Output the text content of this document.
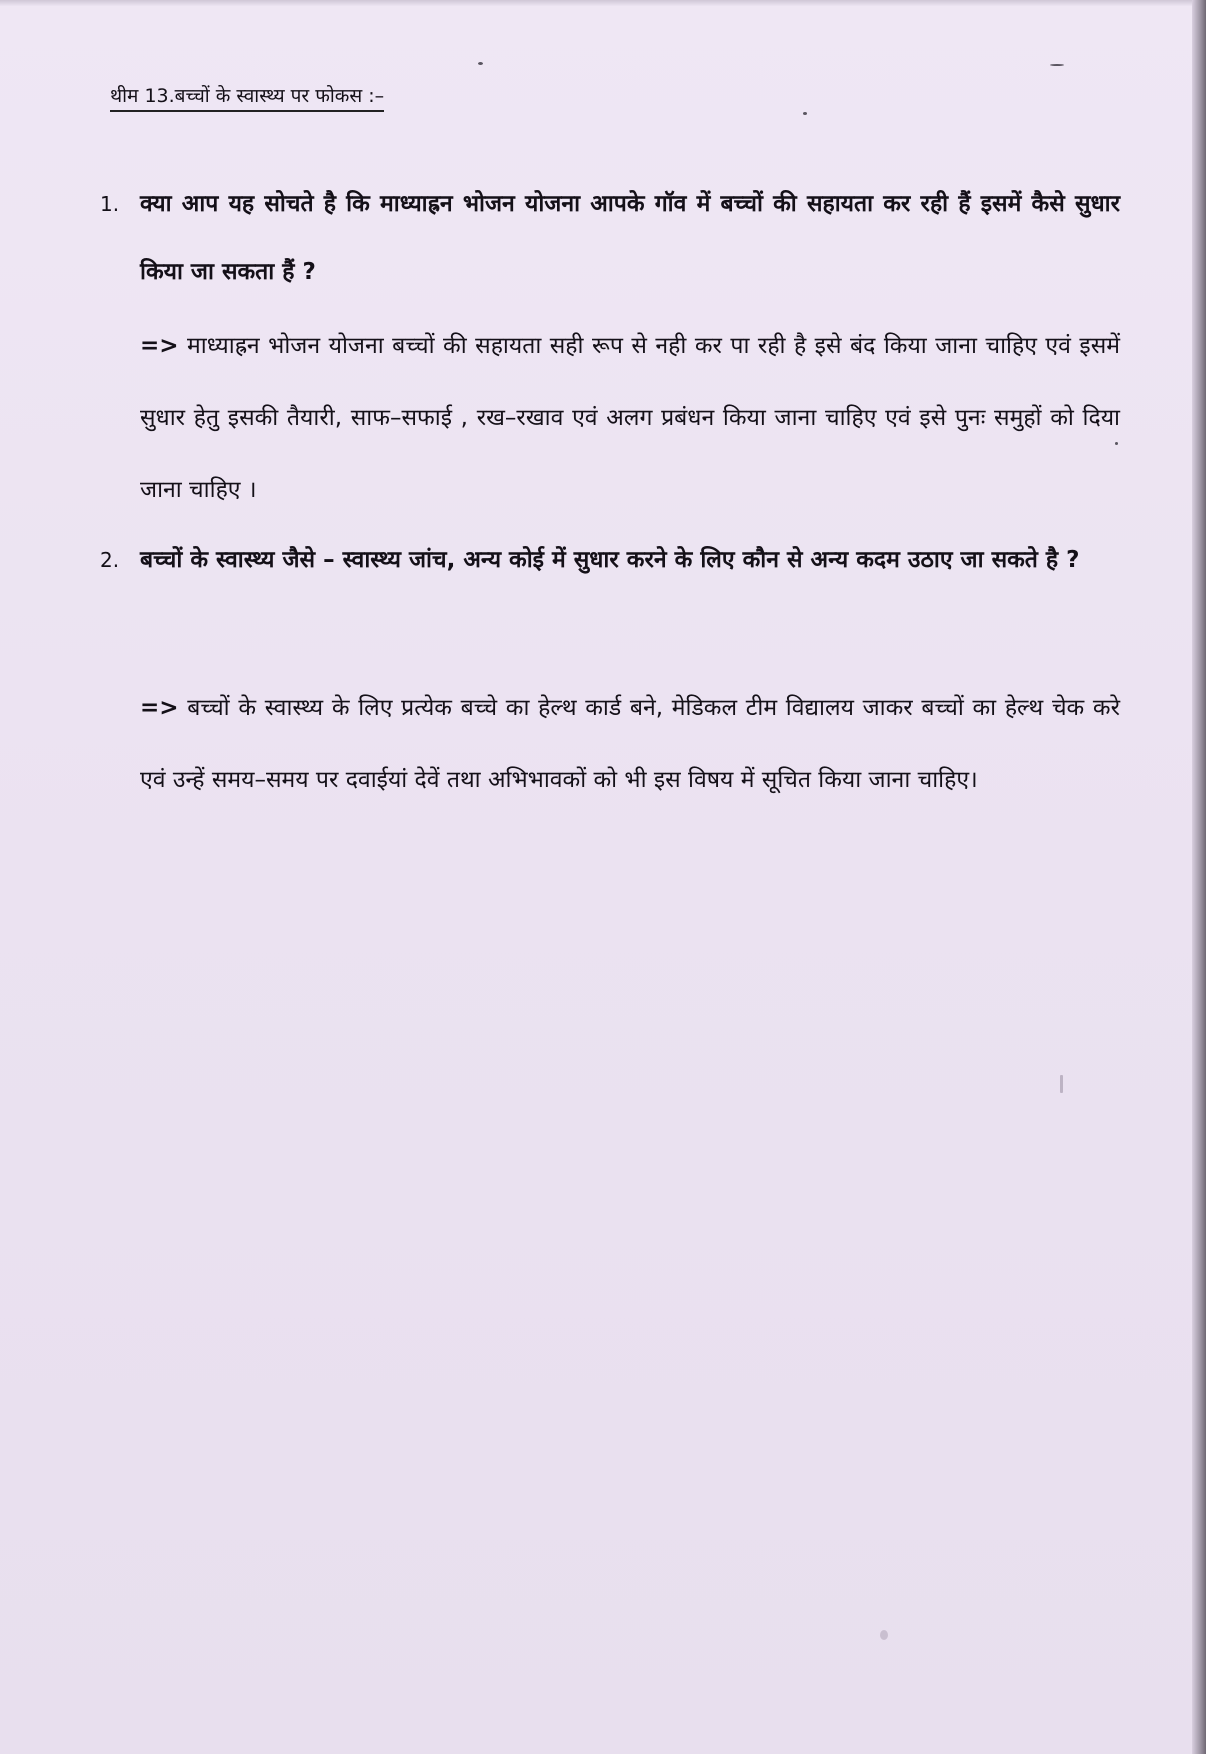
थीम 13.बच्चों के स्वास्थ्य पर फोकस :–
1. क्या आप यह सोचते है कि माध्याह्रन भोजन योजना आपके गॉव में बच्चों की सहायता कर रही हैं इसमें कैसे सुधार किया जा सकता हैं ?
=> माध्याह्रन भोजन योजना बच्चों की सहायता सही रूप से नही कर पा रही है इसे बंद किया जाना चाहिए एवं इसमें सुधार हेतु इसकी तैयारी, साफ–सफाई , रख–रखाव एवं अलग प्रबंधन किया जाना चाहिए एवं इसे पुनः समुहों को दिया जाना चाहिए ।
2. बच्चों के स्वास्थ्य जैसे – स्वास्थ्य जांच, अन्य कोई में सुधार करने के लिए कौन से अन्य कदम उठाए जा सकते है ?
=> बच्चों के स्वास्थ्य के लिए प्रत्येक बच्चे का हेल्थ कार्ड बने, मेडिकल टीम विद्यालय जाकर बच्चों का हेल्थ चेक करे एवं उन्हें समय–समय पर दवाईयां देवें तथा अभिभावकों को भी इस विषय में सूचित किया जाना चाहिए।
